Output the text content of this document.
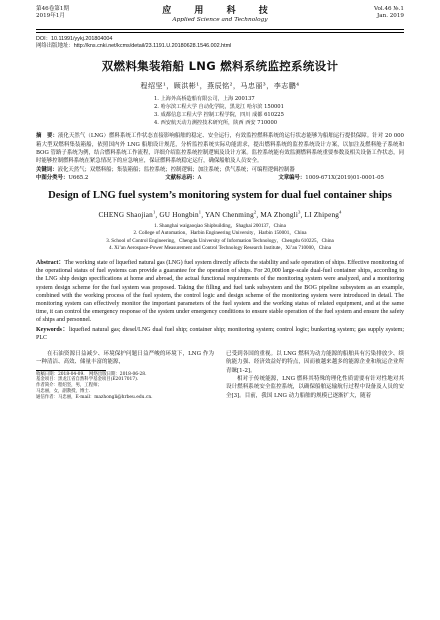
第46卷第1期
2019年1月	应 用 科 技
Applied Science and Technology
Vol.46 №.1
Jan. 2019
DOI：10.11991/yykj.201804004
网络出版地址：http://kns.cnki.net/kcms/detail/23.1191.U.20180628.1546.002.html
双燃料集装箱船 LNG 燃料系统监控系统设计
程绍坚¹，顾洪彬¹，燕辰铭²，马忠丽³，李志鹏⁴
1. 上海外高桥造船有限公司，上海 200137
2. 哈尔滨工程大学 自动化学院，黑龙江 哈尔滨 150001
3. 成都信息工程大学 控制工程学院，四川 成都 610225
4. 西安航天动力测控技术研究所，陕西 西安 710000
摘　要：液化天然气（LNG）燃料系统工作状态直接影响船舶的稳定、安全运行，有效监控燃料系统的运行状态能够为船舶运行提供保障。针对 20 000 箱大型双燃料集装箱船，依照国内外 LNG 船舶设计规范，分析监控系统实际功能需求，提出燃料系统的监控系统设计方案，以加注及燃料舱子系统和 BOG 管路子系统为例，结合燃料系统工作流程，详细介绍监控系统控制逻辑及设计方案。监控系统能有效监测燃料系统重要参数及相关设备工作状态，同时能够控制燃料系统在紧急情况下的应急响应，保证燃料系统稳定运行，确保船舶及人员安全。
关键词：液化天然气；双燃料船；集装箱船；监控系统；控制逻辑；加注系统；供气系统；可编程逻辑控制器
中图分类号：U665.2	文献标志码：A	文章编号：1009-671X(2019)01-0001-05
Design of LNG fuel system’s monitoring system for dual fuel container ships
CHENG Shaojian$^1$, GU Hongbin$^1$, YAN Chenming$^2$, MA Zhongli$^3$, LI Zhipeng$^4$
1. Shanghai waigaoqiao Shipbuilding，Shaghai 200137，China
2. College of Automation，Harbin Engineering University，Harbin 150001，China
3. School of Control Engineering，Chengdu University of Information Technology，Chengdu 610225，China
4. Xi’an Aerospace-Power Measurement and Control Technology Research Institute，Xi’an 710000，China
Abstract：The working state of liquefied natural gas (LNG) fuel system directly affects the stability and safe operation of ships. Effective monitoring of the operational status of fuel systems can provide a guarantee for the operation of ships. For 20,000 large-scale dual-fuel container ships, according to the LNG ship design specifications at home and abroad, the actual functional requirements of the monitoring system were analyzed, and a monitoring system design scheme for the fuel system was proposed. Taking the filling and fuel tank subsystem and the BOG pipeline subsystem as an example, combined with the working process of the fuel system, the control logic and design scheme of the monitoring system were introduced in detail. The monitoring system can effectively monitor the important parameters of the fuel system and the working status of related equipment, and at the same time, it can control the emergency response of the system under emergency conditions to ensure stable operation of the fuel system and ensure the safety of ships and personnel.
Keywords：liquefied natural gas; diesel/LNG dual fuel ship; container ship; monitoring system; control logic; bunkering system; gas supply system; PLC

在石油资源日益减少、环境保护问题日益严峻的环境下，LNG 作为一种清洁、高效、储量丰富的能源，

收稿日期：2018-04-09.　网络出版日期：2018-06-28.
基金项目：黑龙江省自然科学基金项目(E2017017).
作者简介：程绍坚，男，工程师；
马忠丽，女，副教授，博士.
通信作者：马忠丽，E-mail：mazhongli@hrbeu.edu.cn.
已受到各国的重视。以 LNG 燃料为动力能源的船舶具有污染排放少、续航能力强、经济效益好的特点，因而被越来越多的能源企业和航运企业所青睐[1-2]。

相对于传统能源，LNG 燃料其特殊的理化性质需要有针对性地对其设计燃料系统安全监控系统，以确保船舶运输航行过程中设备及人员的安全[3]。目前，我国 LNG 动力船舶的规模已逐渐扩大，随着
